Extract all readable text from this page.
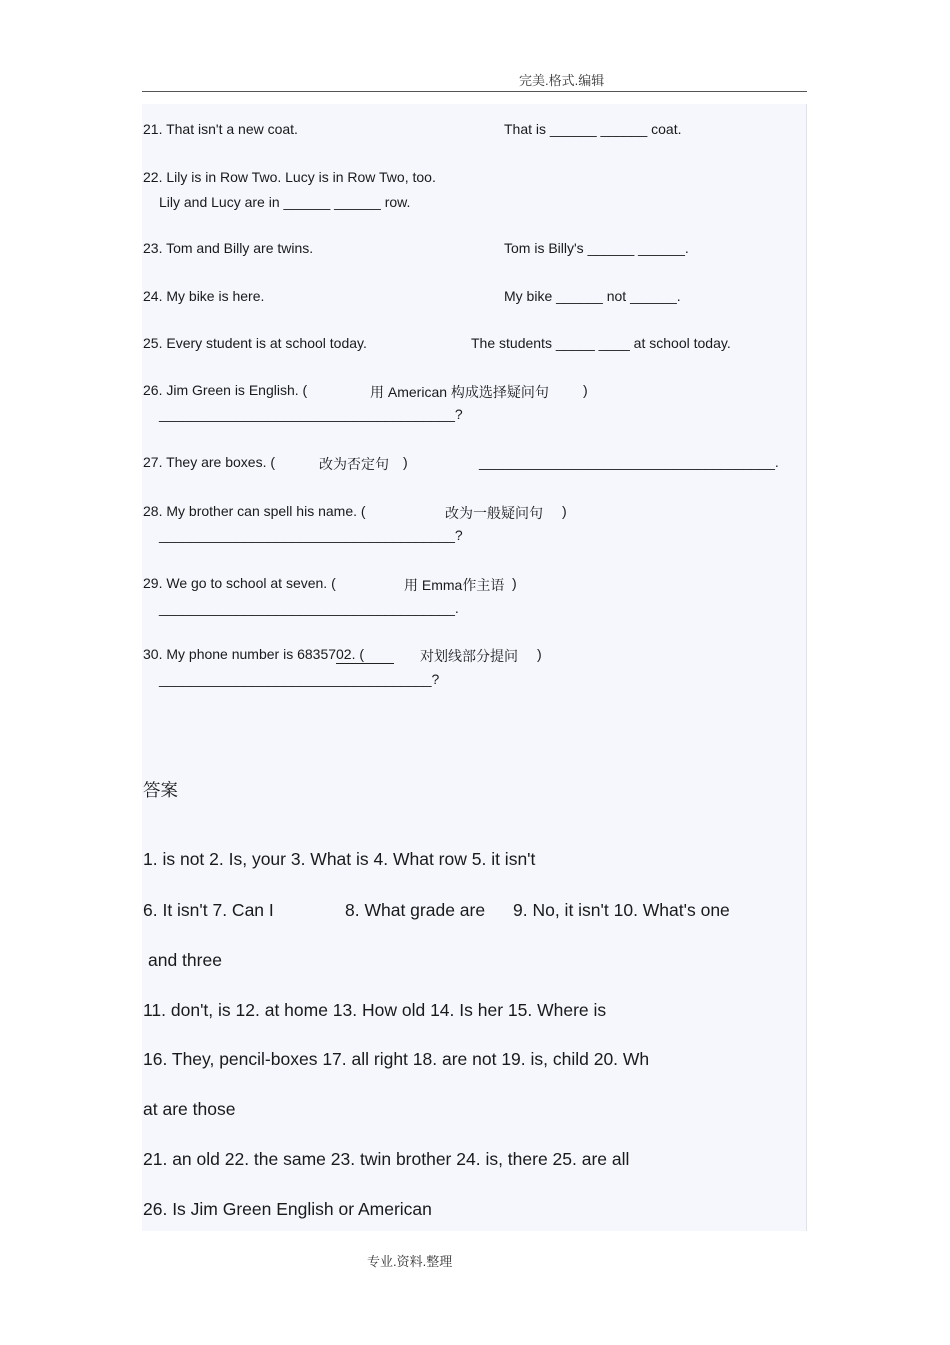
完美.格式.编辑
21. That isn't a new coat.	That is ______ ______ coat.
22. Lily is in Row Two. Lucy is in Row Two, too.
Lily and Lucy are in ______ ______ row.
23. Tom and Billy are twins.	Tom is Billy's ______ ______.
24. My bike is here.	My bike ______ not ______.
25. Every student is at school today.	The students _____ ____ at school today.
26. Jim Green is English. (	用 American 构成选择疑问句 )
______________________________________?
27. They are boxes. (	改为否定句 )	______________________________________.
28. My brother can spell his name. (	改为一般疑问句 )
______________________________________?
29. We go to school at seven. (	用 Emma作主语 )
______________________________________.
30. My phone number is 6835702. (	对划线部分提问 )
___________________________________?
答案
1. is not 2. Is, your 3. What is 4. What row 5. it isn't
6. It isn't 7. Can I	8. What grade are 9. No, it isn't 10. What's one
and three
11. don't, is 12. at home 13. How old 14. Is her 15. Where is
16. They, pencil-boxes 17. all right 18. are not 19. is, child 20. Wh
at are those
21. an old 22. the same 23. twin brother 24. is, there 25. are all
26. Is Jim Green English or American
专业.资料.整理
